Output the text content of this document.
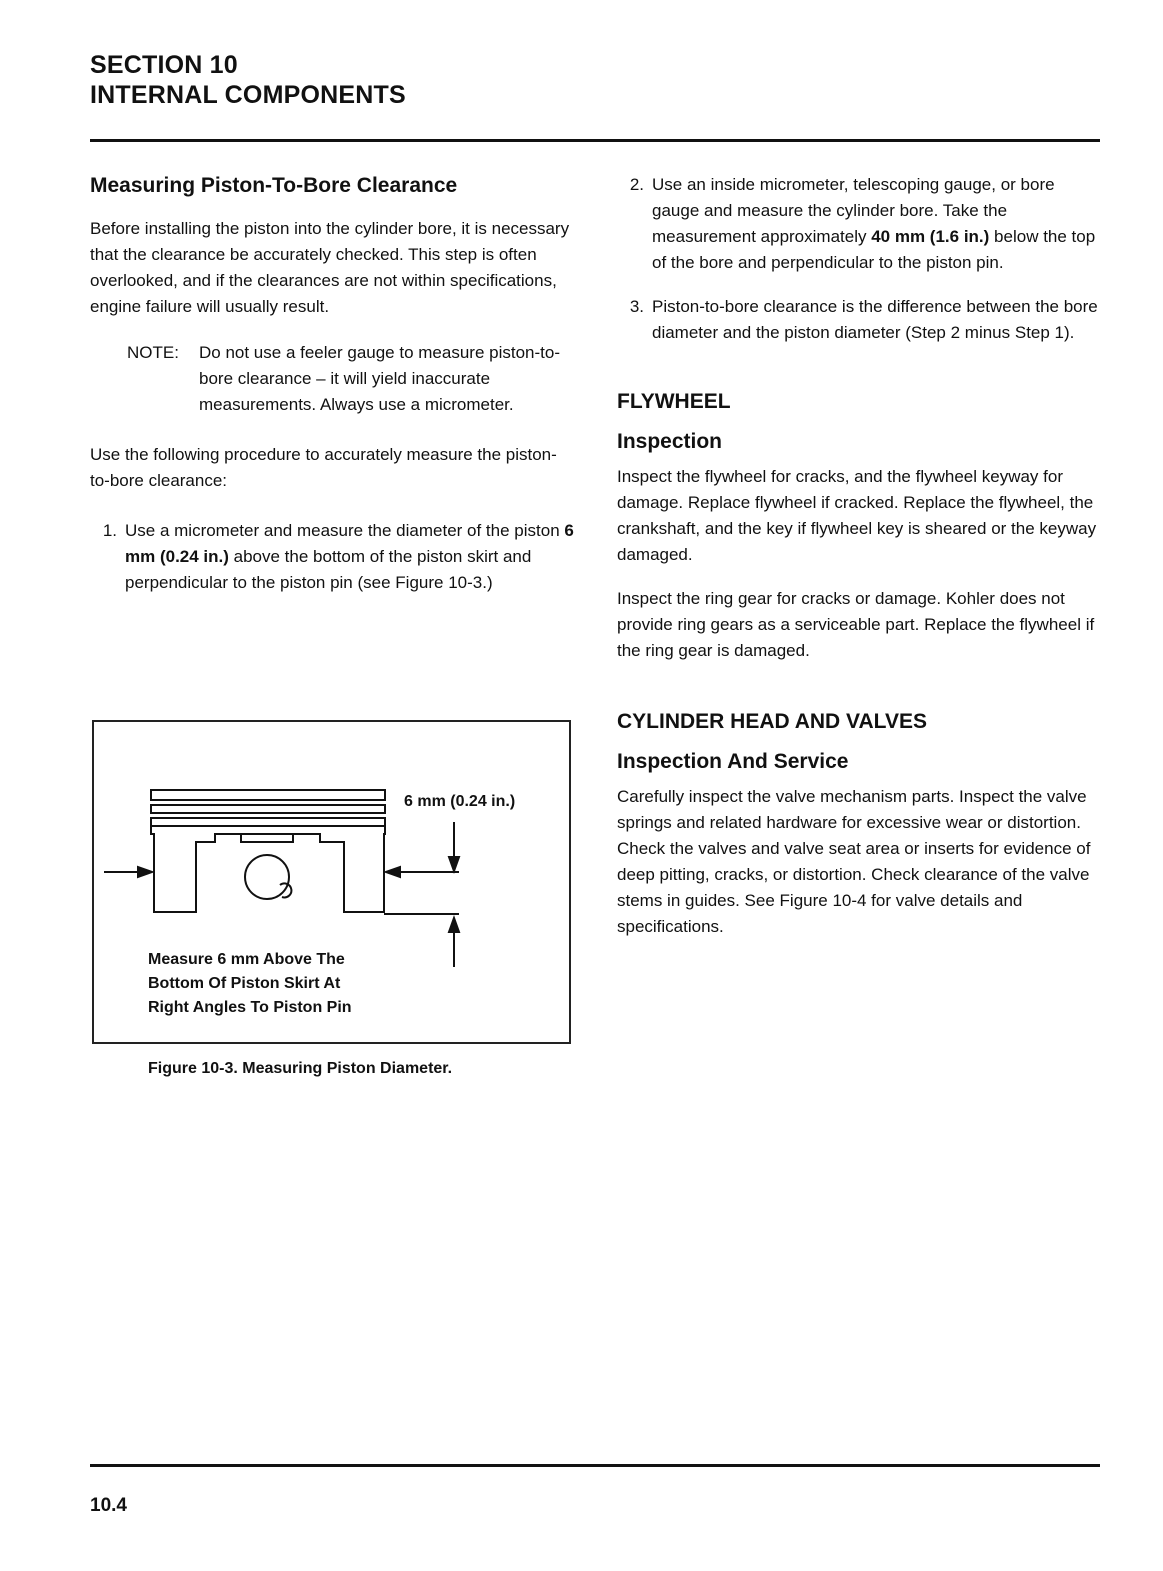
SECTION 10
INTERNAL COMPONENTS
Measuring Piston-To-Bore Clearance

Before installing the piston into the cylinder bore, it is necessary that the clearance be accurately checked. This step is often overlooked, and if the clearances are not within specifications, engine failure will usually result.

NOTE:	Do not use a feeler gauge to measure piston-to-bore clearance – it will yield inaccurate measurements. Always use a micrometer.

Use the following procedure to accurately measure the piston-to-bore clearance:

1. Use a micrometer and measure the diameter of the piston 6 mm (0.24 in.) above the bottom of the piston skirt and perpendicular to the piston pin (see Figure 10-3.)
6 mm (0.24 in.)
Measure 6 mm Above The
Bottom Of Piston Skirt At
Right Angles To Piston Pin
Figure 10-3. Measuring Piston Diameter.
2. Use an inside micrometer, telescoping gauge, or bore gauge and measure the cylinder bore. Take the measurement approximately 40 mm (1.6 in.) below the top of the bore and perpendicular to the piston pin.
3. Piston-to-bore clearance is the difference between the bore diameter and the piston diameter (Step 2 minus Step 1).
FLYWHEEL
Inspection

Inspect the flywheel for cracks, and the flywheel keyway for damage. Replace flywheel if cracked. Replace the flywheel, the crankshaft, and the key if flywheel key is sheared or the keyway damaged.

Inspect the ring gear for cracks or damage. Kohler does not provide ring gears as a serviceable part. Replace the flywheel if the ring gear is damaged.

CYLINDER HEAD AND VALVES
Inspection And Service

Carefully inspect the valve mechanism parts. Inspect the valve springs and related hardware for excessive wear or distortion. Check the valves and valve seat area or inserts for evidence of deep pitting, cracks, or distortion. Check clearance of the valve stems in guides. See Figure 10-4 for valve details and specifications.

10.4
